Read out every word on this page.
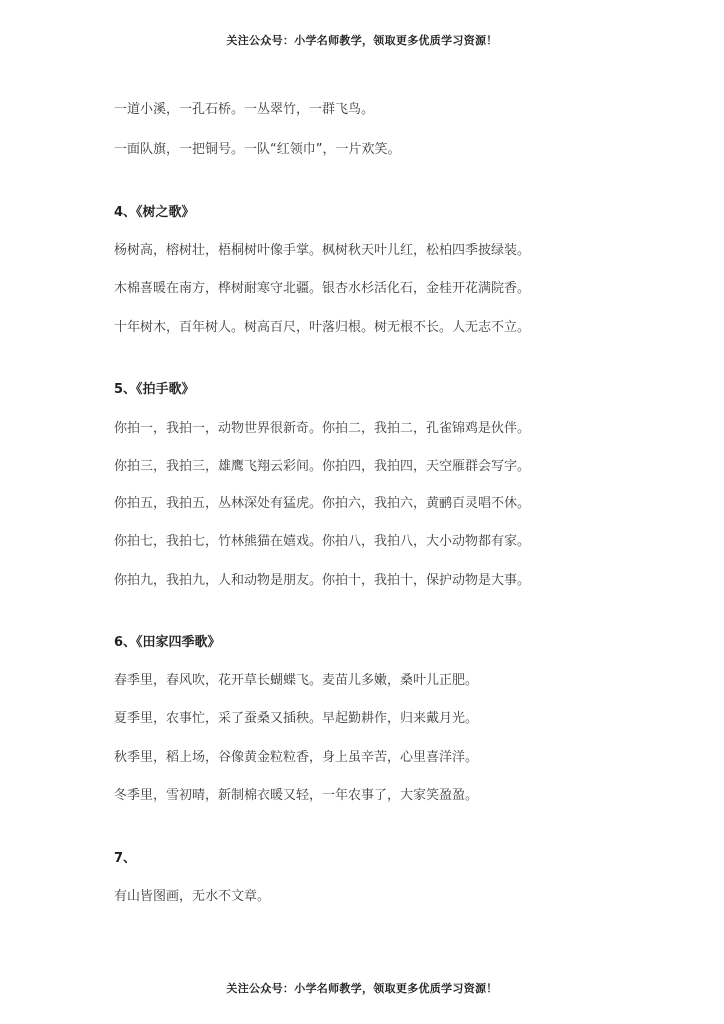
关注公众号：小学名师教学，领取更多优质学习资源！
一道小溪，一孔石桥。一丛翠竹，一群飞鸟。
一面队旗，一把铜号。一队“红领巾”，一片欢笑。
4、《树之歌》
杨树高，榕树壮，梧桐树叶像手掌。枫树秋天叶儿红，松柏四季披绿装。
木棉喜暖在南方，桦树耐寒守北疆。银杏水杉活化石，金桂开花满院香。
十年树木，百年树人。树高百尺，叶落归根。树无根不长。人无志不立。
5、《拍手歌》
你拍一，我拍一，动物世界很新奇。你拍二，我拍二，孔雀锦鸡是伙伴。
你拍三，我拍三，雄鹰飞翔云彩间。你拍四，我拍四，天空雁群会写字。
你拍五，我拍五，丛林深处有猛虎。你拍六，我拍六，黄鹂百灵唱不休。
你拍七，我拍七，竹林熊猫在嬉戏。你拍八，我拍八，大小动物都有家。
你拍九，我拍九，人和动物是朋友。你拍十，我拍十，保护动物是大事。
6、《田家四季歌》
春季里，春风吹，花开草长蝴蝶飞。麦苗儿多嫩，桑叶儿正肥。
夏季里，农事忙，采了蚕桑又插秧。早起勤耕作，归来戴月光。
秋季里，稻上场，谷像黄金粒粒香，身上虽辛苦，心里喜洋洋。
冬季里，雪初晴，新制棉衣暖又轻，一年农事了，大家笑盈盈。
7、
有山皆图画，无水不文章。
关注公众号：小学名师教学，领取更多优质学习资源！
